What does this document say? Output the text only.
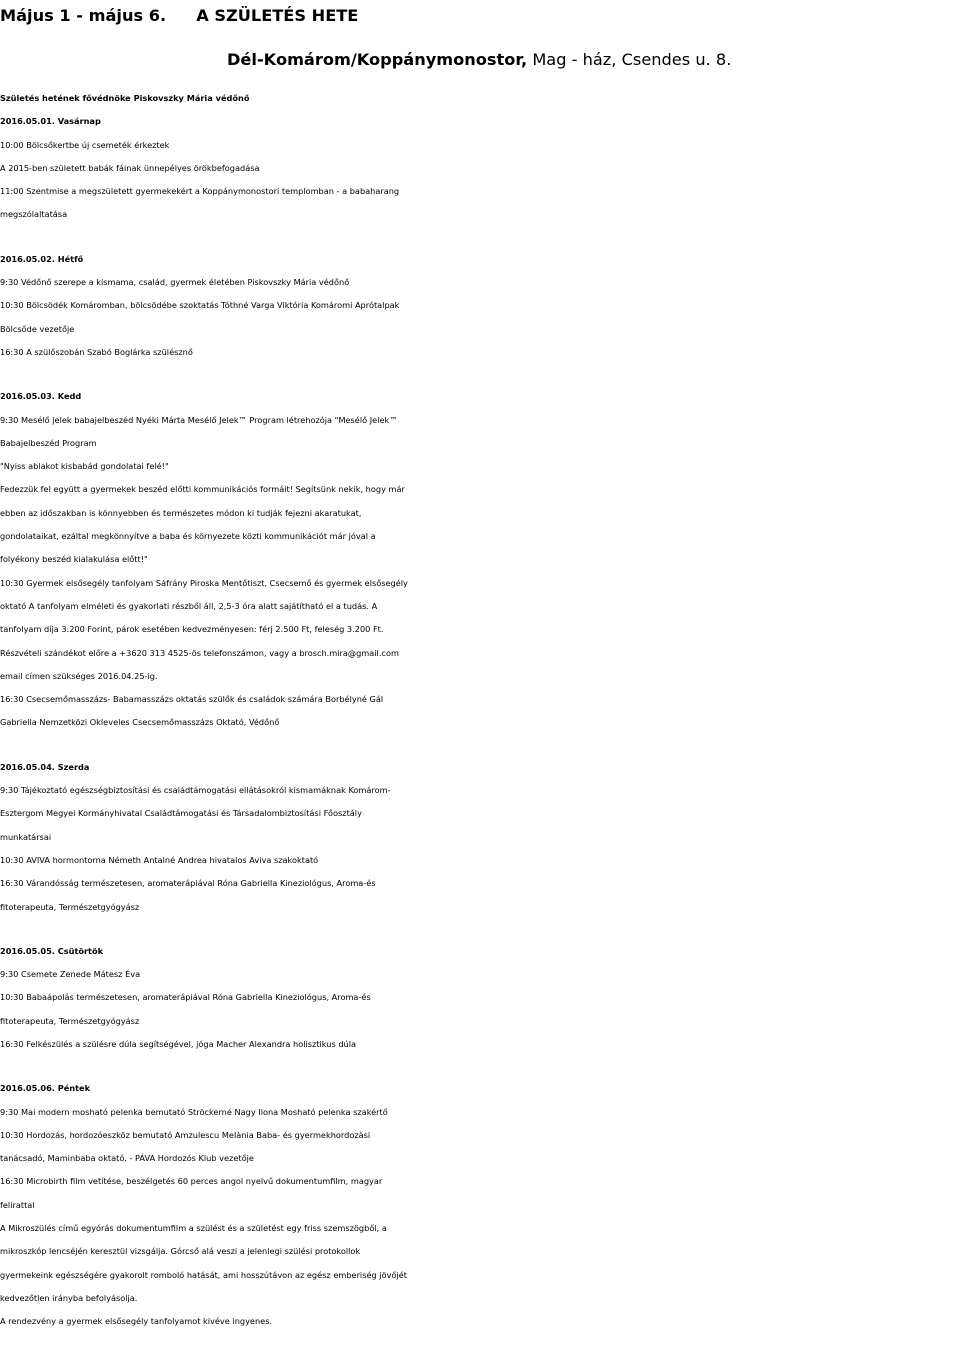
Május 1 - május 6. A SZÜLETÉS HETE
Dél-Komárom/Koppánymonostor, Mag - ház, Csendes u. 8.
Születés hetének fővédnöke Piskovszky Mária védőnő
2016.05.01. Vasárnap
10:00 Bölcsőkertbe új csemeték érkeztek
A 2015-ben született babák fáinak ünnepélyes örökbefogadása
11:00 Szentmise a megszületett gyermekekért a Koppánymonostori templomban - a babaharang
megszólaltatása
2016.05.02. Hétfő
9:30 Védőnő szerepe a kismama, család, gyermek életében Piskovszky Mária védőnő
10:30 Bölcsödék Komáromban, bölcsödébe szoktatás Tóthné Varga Viktória Komáromi Aprótalpak
Bölcsőde vezetője
16:30 A szülőszobán Szabó Boglárka szülésznő
2016.05.03. Kedd
9:30 Mesélő jelek babajelbeszéd Nyéki Márta Mesélő Jelek™ Program létrehozója "Mesélő Jelek™
Babajelbeszéd Program
"Nyiss ablakot kisbabád gondolatai felé!"
Fedezzük fel együtt a gyermekek beszéd előtti kommunikációs formáit! Segítsünk nekik, hogy már
ebben az időszakban is könnyebben és természetes módon ki tudják fejezni akaratukat,
gondolataikat, ezáltal megkönnyítve a baba és környezete közti kommunikációt már jóval a
folyékony beszéd kialakulása előtt!"
10:30 Gyermek elsősegély tanfolyam Sáfrány Piroska Mentőtiszt, Csecsemő és gyermek elsősegély
oktató A tanfolyam elméleti és gyakorlati részből áll, 2,5-3 óra alatt sajátítható el a tudás. A
tanfolyam díja 3.200 Forint, párok esetében kedvezményesen: férj 2.500 Ft, feleség 3.200 Ft.
Részvételi szándékot előre a +3620 313 4525-ös telefonszámon, vagy a brosch.mira@gmail.com
email címen szükséges 2016.04.25-ig.
16:30 Csecsemőmasszázs- Babamasszázs oktatás szülők és családok számára Borbélyné Gál
Gabriella Nemzetközi Okleveles Csecsemőmasszázs Oktató, Védőnő
2016.05.04. Szerda
9:30 Tájékoztató egészségbiztosítási és családtámogatási ellátásokról kismamáknak Komárom-
Esztergom Megyei Kormányhivatal Családtámogatási és Társadalombiztosítási Főosztály
munkatársai
10:30 AVIVA hormontorna Németh Antalné Andrea hivatalos Aviva szakoktató
16:30 Várandósság természetesen, aromaterápiával Róna Gabriella Kineziológus, Aroma-és
fitoterapeuta, Természetgyógyász
2016.05.05. Csütörtök
9:30 Csemete Zenede Mátesz Éva
10:30 Babaápolás természetesen, aromaterápiával Róna Gabriella Kineziológus, Aroma-és
fitoterapeuta, Természetgyógyász
16:30 Felkészülés a szülésre dúla segítségével, jóga Macher Alexandra holisztikus dúla
2016.05.06. Péntek
9:30 Mai modern mosható pelenka bemutató Ströckerné Nagy Ilona Mosható pelenka szakértő
10:30 Hordozás, hordozóeszköz bemutató Amzulescu Melània Baba- és gyermekhordozàsi
tanácsadó, Maminbaba oktató. - PÁVA Hordozós Klub vezetője
16:30 Microbirth film vetítése, beszélgetés 60 perces angol nyelvű dokumentumfilm, magyar
felirattal
A Mikroszülés című egyórás dokumentumfilm a szülést és a születést egy friss szemszögből, a
mikroszkóp lencséjén keresztül vizsgálja. Górcső alá veszi a jelenlegi szülési protokollok
gyermekeink egészségére gyakorolt romboló hatását, ami hosszútávon az egész emberiség jövőjét
kedvezőtlen irányba befolyásolja.
A rendezvény a gyermek elsősegély tanfolyamot kivéve ingyenes.
